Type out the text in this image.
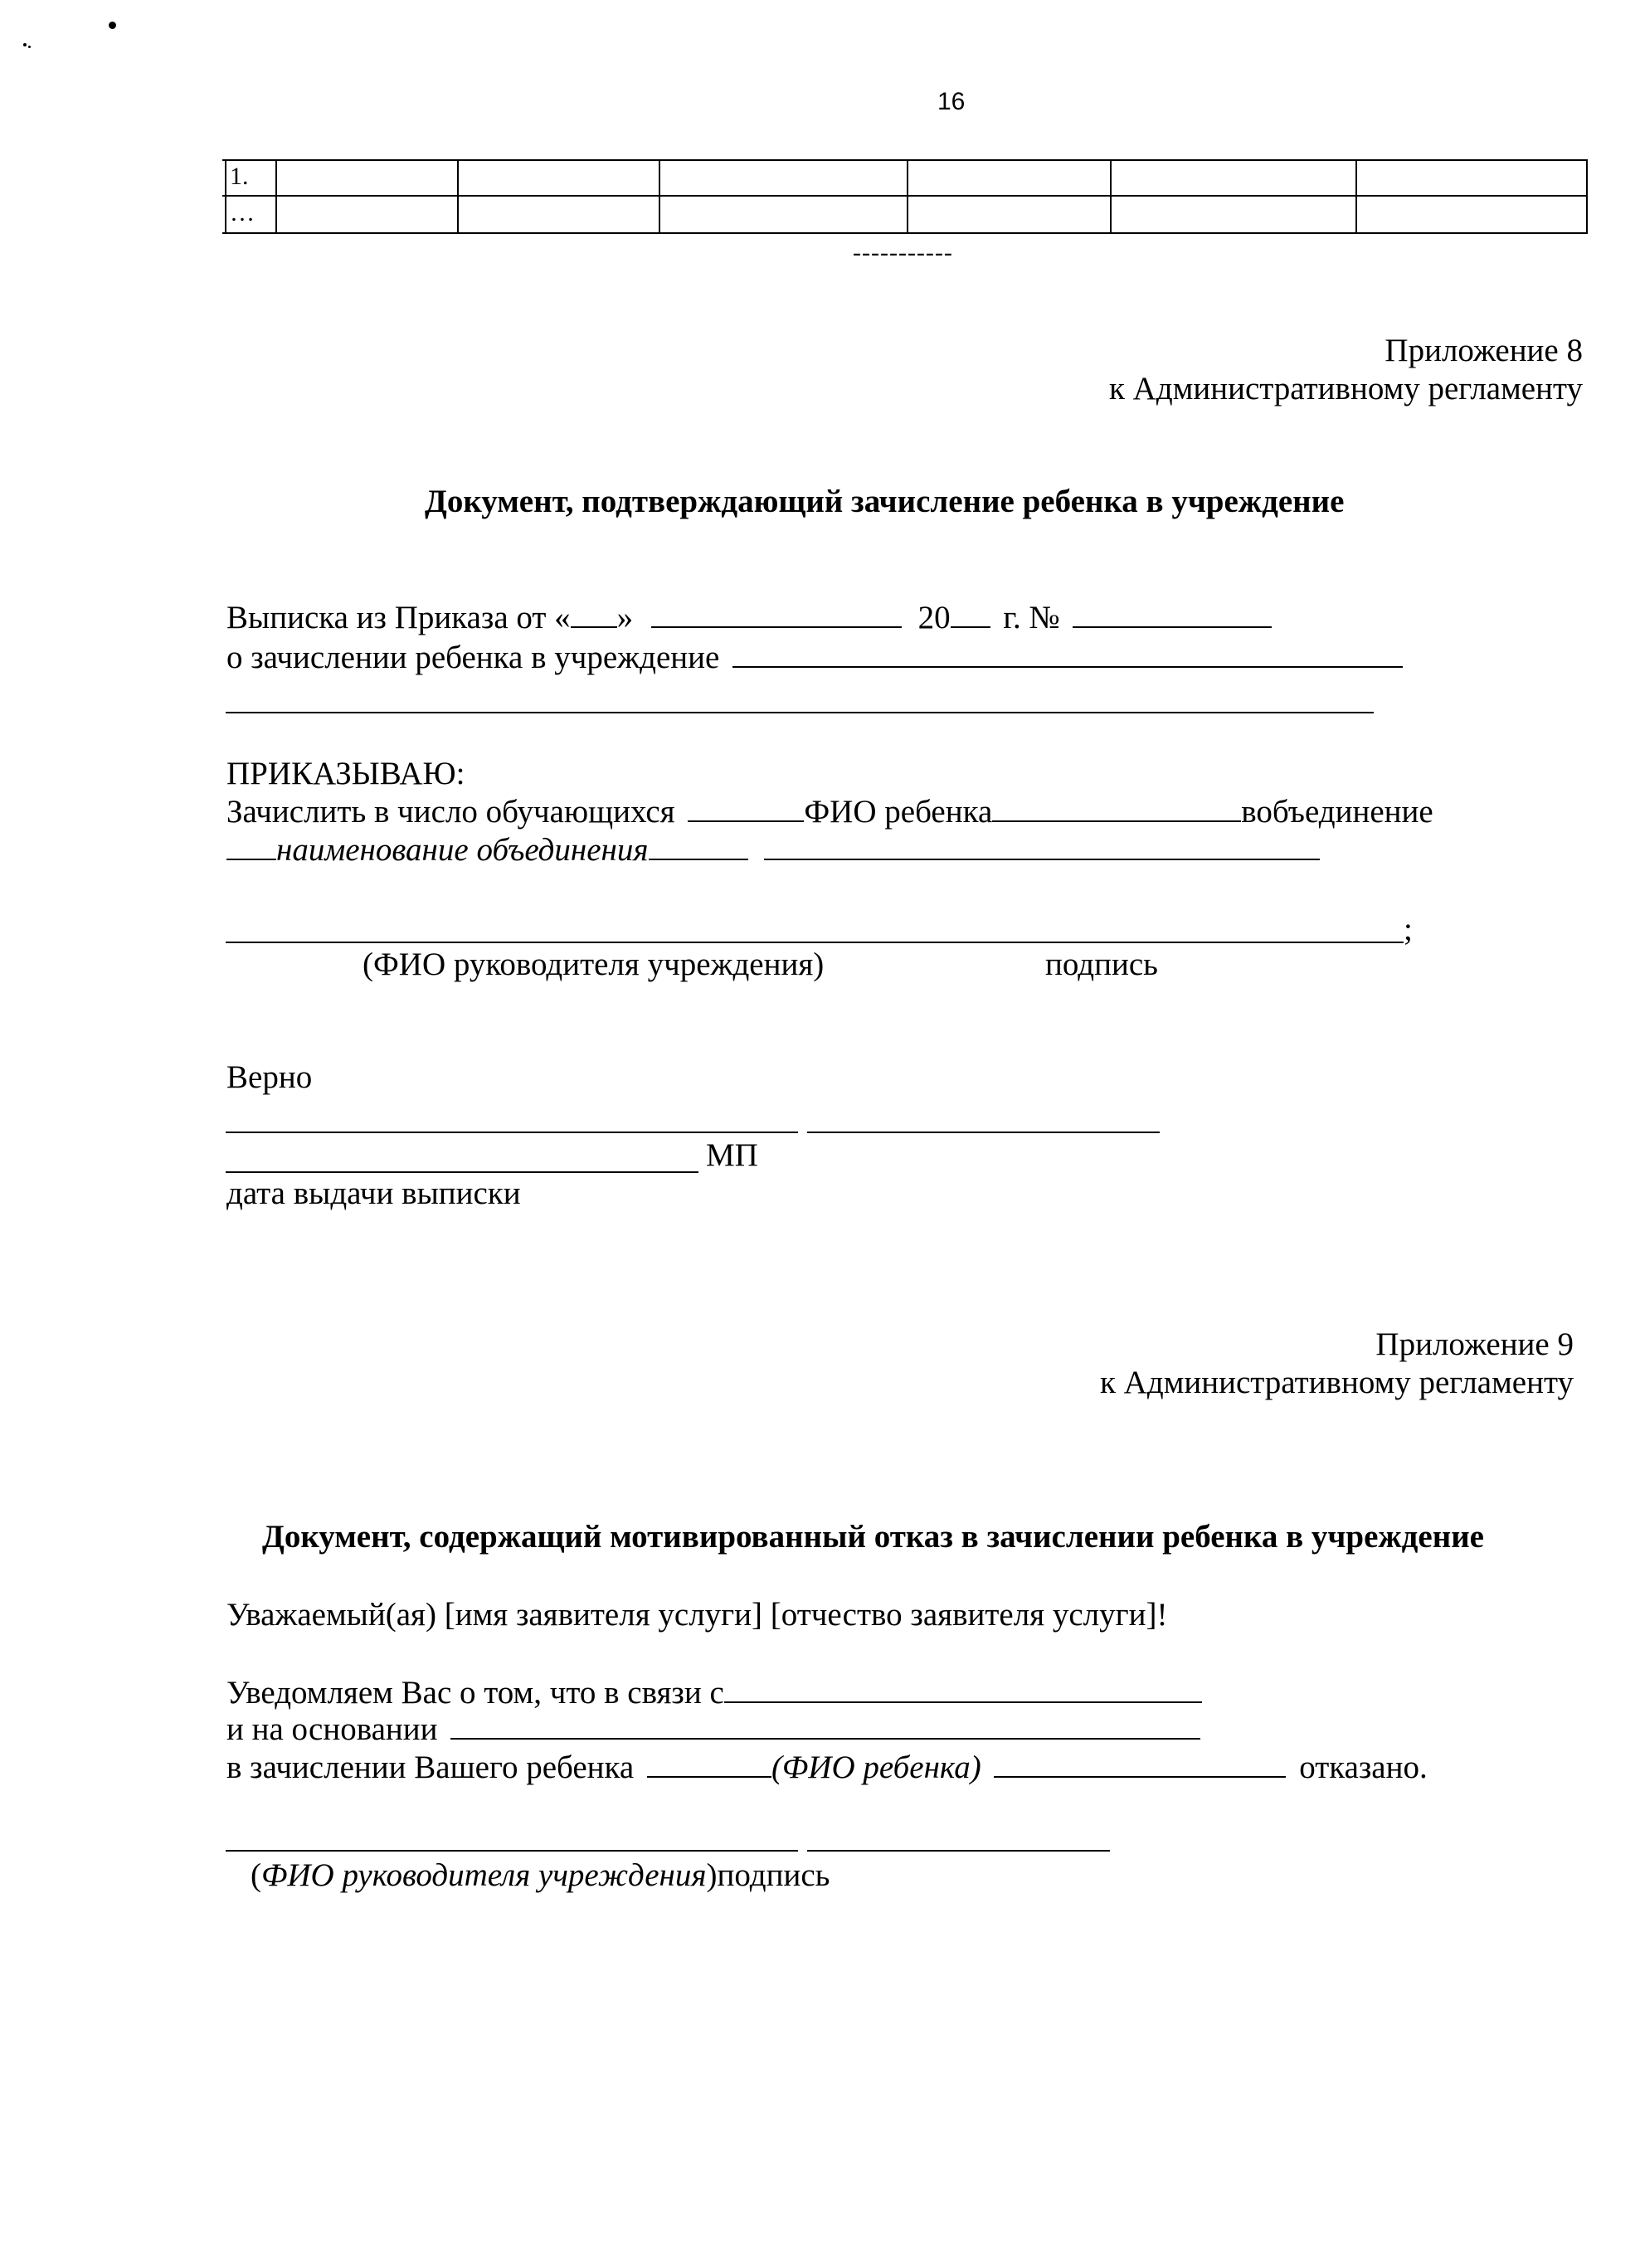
16
1.
…
-----------
Приложение 8
к Административному регламенту
Документ, подтверждающий зачисление ребенка в учреждение
Выписка из Приказа от « »	20 г. №
о зачислении ребенка в учреждение
ПРИКАЗЫВАЮ:
Зачислить в число обучающихся	ФИО ребенка	вобъединение
наименование объединения
;
(ФИО руководителя учреждения)	подпись
Верно
МП
дата выдачи выписки
Приложение 9
к Административному регламенту
Документ, содержащий мотивированный отказ в зачислении ребенка в учреждение
Уважаемый(ая) [имя заявителя услуги] [отчество заявителя услуги]!
Уведомляем Вас о том, что в связи с
и на основании
в зачислении Вашего ребенка	(ФИО ребенка)	отказано.
(ФИО руководителя учреждения)подпись
